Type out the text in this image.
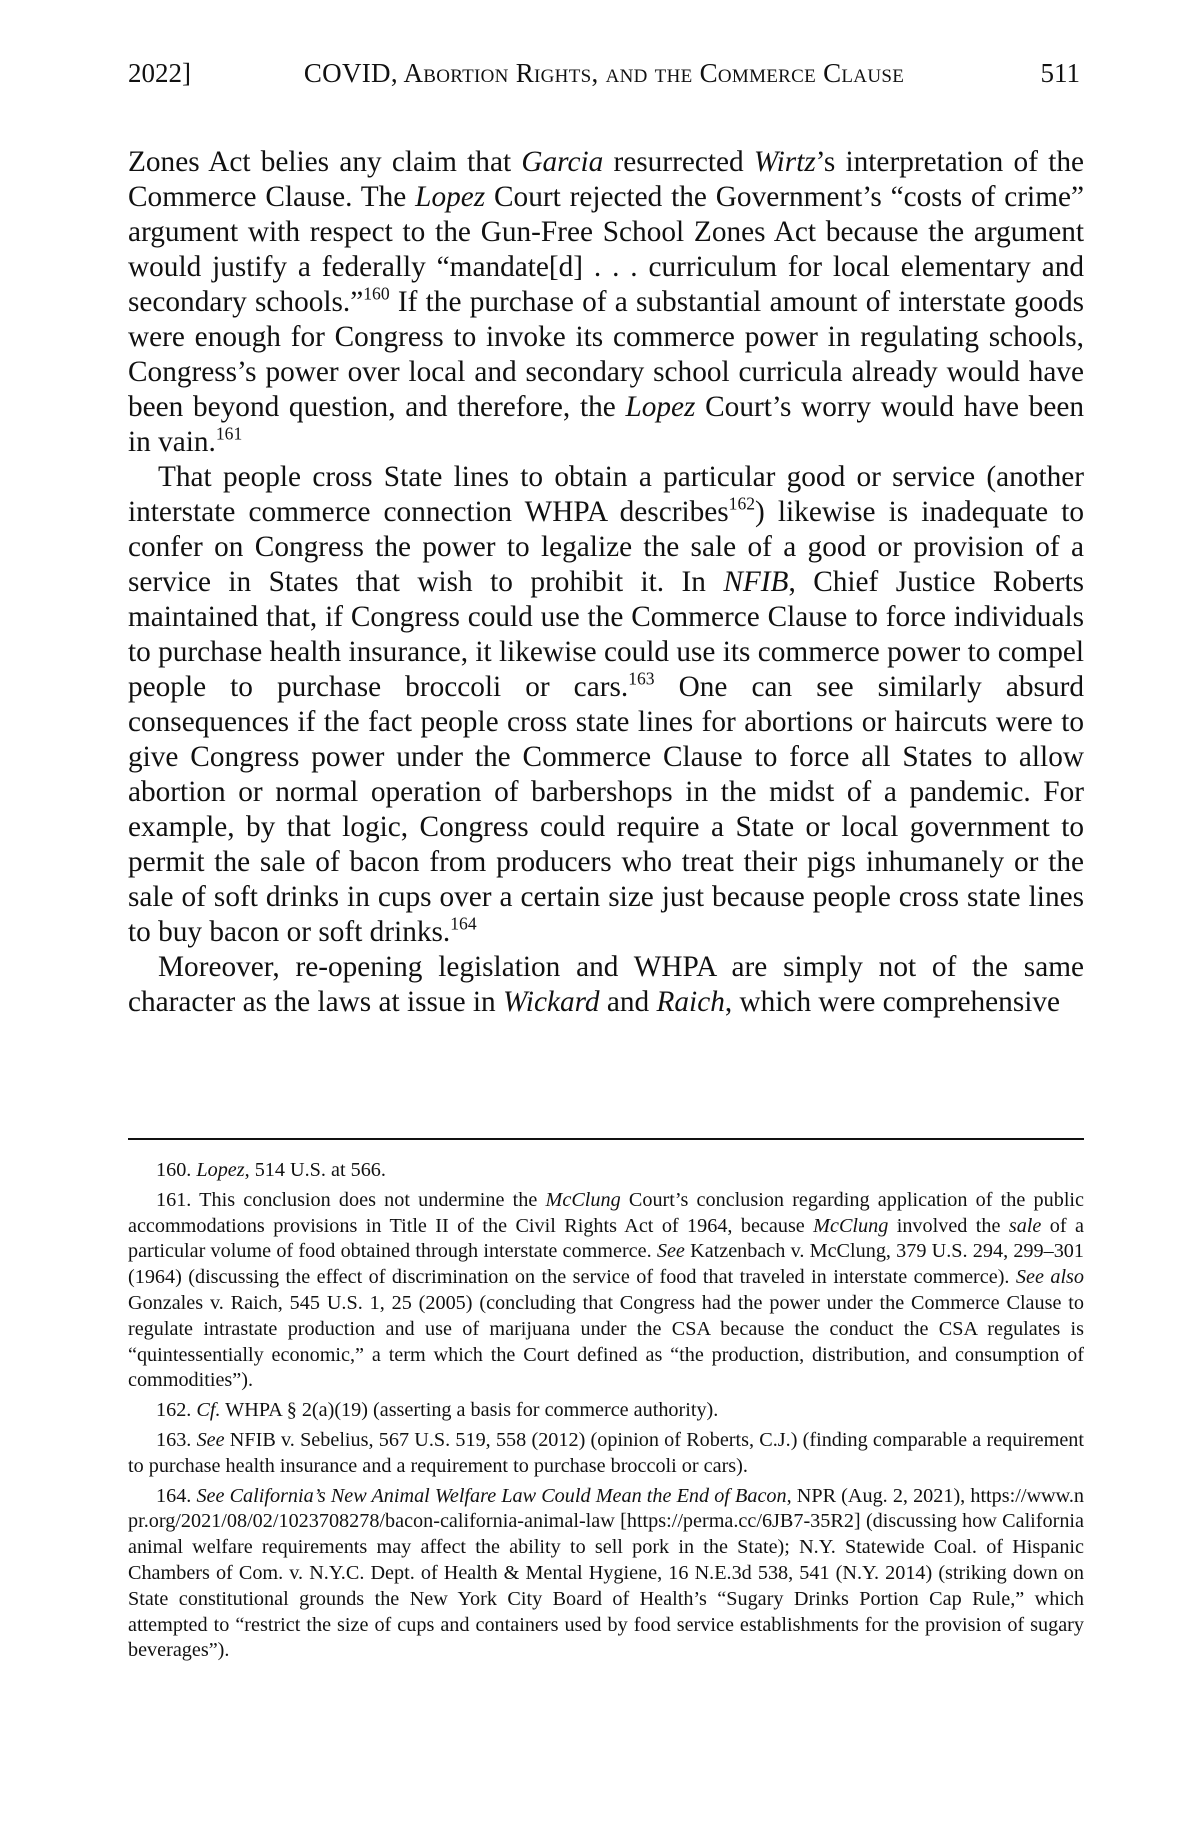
2022]	COVID, Abortion Rights, and the Commerce Clause	511

Zones Act belies any claim that Garcia resurrected Wirtz’s interpretation of the Commerce Clause. The Lopez Court rejected the Government’s “costs of crime” argument with respect to the Gun-Free School Zones Act because the argument would justify a federally “mandate[d] . . . curriculum for local elementary and secondary schools.”$^{160}$ If the purchase of a substantial amount of interstate goods were enough for Congress to invoke its commerce power in regulating schools, Congress’s power over local and secondary school curricula already would have been beyond question, and therefore, the Lopez Court’s worry would have been in vain.$^{161}$

That people cross State lines to obtain a particular good or service (another interstate commerce connection WHPA describes$^{162}$) likewise is inadequate to confer on Congress the power to legalize the sale of a good or provision of a service in States that wish to prohibit it. In NFIB, Chief Justice Roberts maintained that, if Congress could use the Commerce Clause to force individuals to purchase health insurance, it likewise could use its commerce power to compel people to purchase broccoli or cars.$^{163}$ One can see similarly absurd consequences if the fact people cross state lines for abortions or haircuts were to give Congress power under the Commerce Clause to force all States to allow abortion or normal operation of barbershops in the midst of a pandemic. For example, by that logic, Congress could require a State or local government to permit the sale of bacon from producers who treat their pigs inhumanely or the sale of soft drinks in cups over a certain size just because people cross state lines to buy bacon or soft drinks.$^{164}$

Moreover, re-opening legislation and WHPA are simply not of the same character as the laws at issue in Wickard and Raich, which were comprehensive

160. Lopez, 514 U.S. at 566.

161. This conclusion does not undermine the McClung Court’s conclusion regarding application of the public accommodations provisions in Title II of the Civil Rights Act of 1964, because McClung involved the sale of a particular volume of food obtained through interstate commerce. See Katzenbach v. McClung, 379 U.S. 294, 299–301 (1964) (discussing the effect of discrimination on the service of food that traveled in interstate commerce). See also Gonzales v. Raich, 545 U.S. 1, 25 (2005) (concluding that Congress had the power under the Commerce Clause to regulate intrastate production and use of marijuana under the CSA because the conduct the CSA regulates is “quintessentially economic,” a term which the Court defined as “the production, distribution, and consumption of commodities”).

162. Cf. WHPA § 2(a)(19) (asserting a basis for commerce authority).

163. See NFIB v. Sebelius, 567 U.S. 519, 558 (2012) (opinion of Roberts, C.J.) (finding comparable a requirement to purchase health insurance and a requirement to purchase broccoli or cars).

164. See California’s New Animal Welfare Law Could Mean the End of Bacon, NPR (Aug. 2, 2021), https://www.npr.org/2021/08/02/1023708278/bacon-california-animal-law [https://perma.cc/6JB7-35R2] (discussing how California animal welfare requirements may affect the ability to sell pork in the State); N.Y. Statewide Coal. of Hispanic Chambers of Com. v. N.Y.C. Dept. of Health & Mental Hygiene, 16 N.E.3d 538, 541 (N.Y. 2014) (striking down on State constitutional grounds the New York City Board of Health’s “Sugary Drinks Portion Cap Rule,” which attempted to “restrict the size of cups and containers used by food service establishments for the provision of sugary beverages”).
